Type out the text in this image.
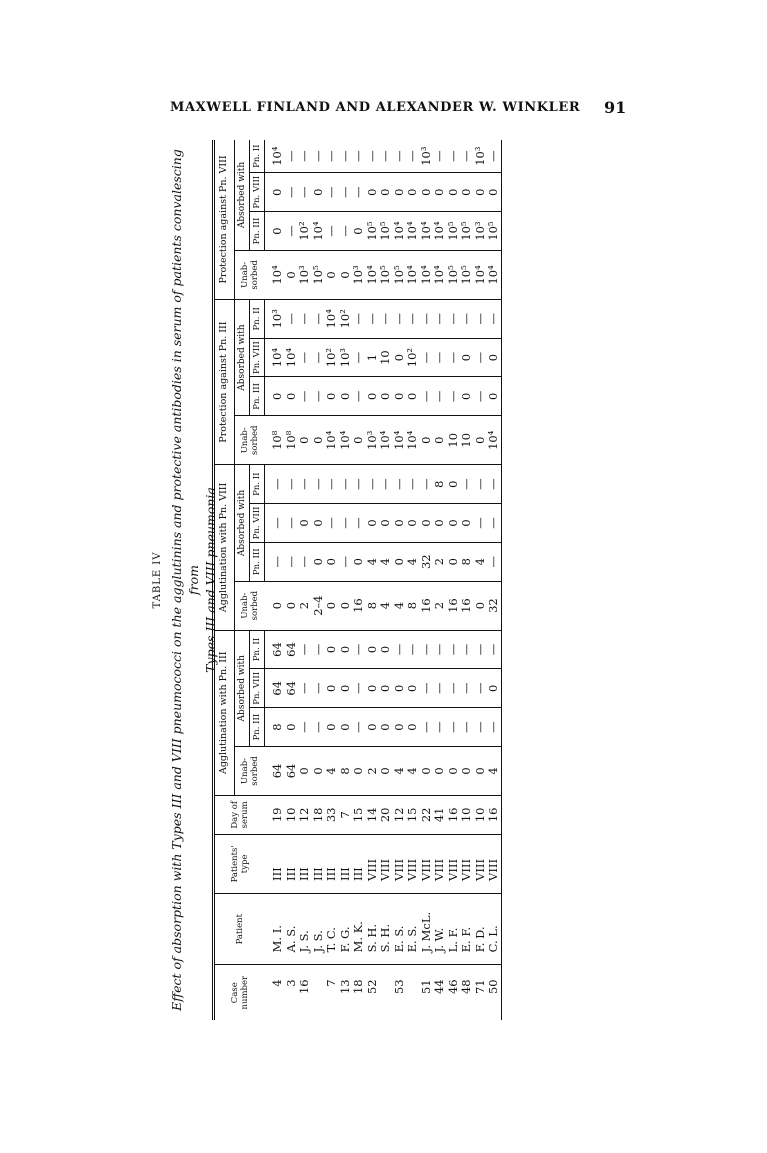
MAXWELL FINLAND AND ALEXANDER W. WINKLER 91
TABLE IV Effect of absorption with Types III and VIII pneumococci on the agglutinins and protective antibodies in serum of patients convalescing from Types III and VIII pneumonia
Case number	Patient	Patients' type	Day of serum	Agglutination with Pn. III				Agglutination with Pn. VIII				Protection against Pn. III				Protection against Pn. VIII			
				Unab- sorbed	Absorbed with			Unab- sorbed	Absorbed with			Unab- sorbed	Absorbed with			Unab- sorbed	Absorbed with		
					Pn. III	Pn. VIII	Pn. II		Pn. III	Pn. VIII	Pn. II		Pn. III	Pn. VIII	Pn. II		Pn. III	Pn. VIII	Pn. II
4	M. I.	III	19	64	8	64	64	0	—	—	—	10⁸	0	10⁴	10³	10⁴	0	0	10⁴
3	A. S.	III	10	64	0	64	64	0	—	—	—	10⁸	0	10⁴	—	0	—	—	—
16	J. S.	III	12	0	—	—	—	2	—	0	—	0	—	—	—	10³	10²	—	—
	J. S.	III	18	0	—	—	—	2–4	0	0	—	0	—	—	—	10⁵	10⁴	0	—
7	T. C.	III	33	4	0	0	0	0	0	—	—	10⁴	0	10²	10⁴	0	—	—	—
13	F. G.	III	7	8	0	0	0	0	—	—	—	10⁴	0	10³	10²	0	—	—	—
18	M. K.	III	15	0	—	—	—	16	0	—	—	0	—	—	—	10³	0	—	—
52	S. H.	VIII	14	2	0	0	0	8	4	0	—	10³	0	1	—	10⁴	10⁵	0	—
	S. H.	VIII	20	0	0	0	0	4	4	0	—	10⁴	0	10	—	10⁵	10⁵	0	—
53	E. S.	VIII	12	4	0	0	—	4	0	0	—	10⁴	0	0	—	10⁵	10⁴	0	—
	E. S.	VIII	15	4	0	0	—	8	4	0	—	10⁴	0	10²	—	10⁴	10⁴	0	—
51	J. McL.	VIII	22	0	—	—	—	16	32	0	—	0	—	—	—	10⁴	10⁴	0	10³
44	J. W.	VIII	41	0	—	—	—	2	2	0	8	0	—	—	—	10⁴	10⁴	0	—
46	L. F.	VIII	16	0	—	—	—	16	0	0	0	10	—	—	—	10⁵	10⁵	0	—
48	E. F.	VIII	10	0	—	—	—	16	8	0	—	10	0	0	—	10⁵	10⁵	0	—
71	F. D.	VIII	10	0	—	—	—	0	4	—	—	0	—	—	—	10⁴	10³	0	10³
50	C. L.	VIII	16	4	—	0	—	32	—	—	—	10⁴	0	0	—	10⁴	10⁵	0	—
